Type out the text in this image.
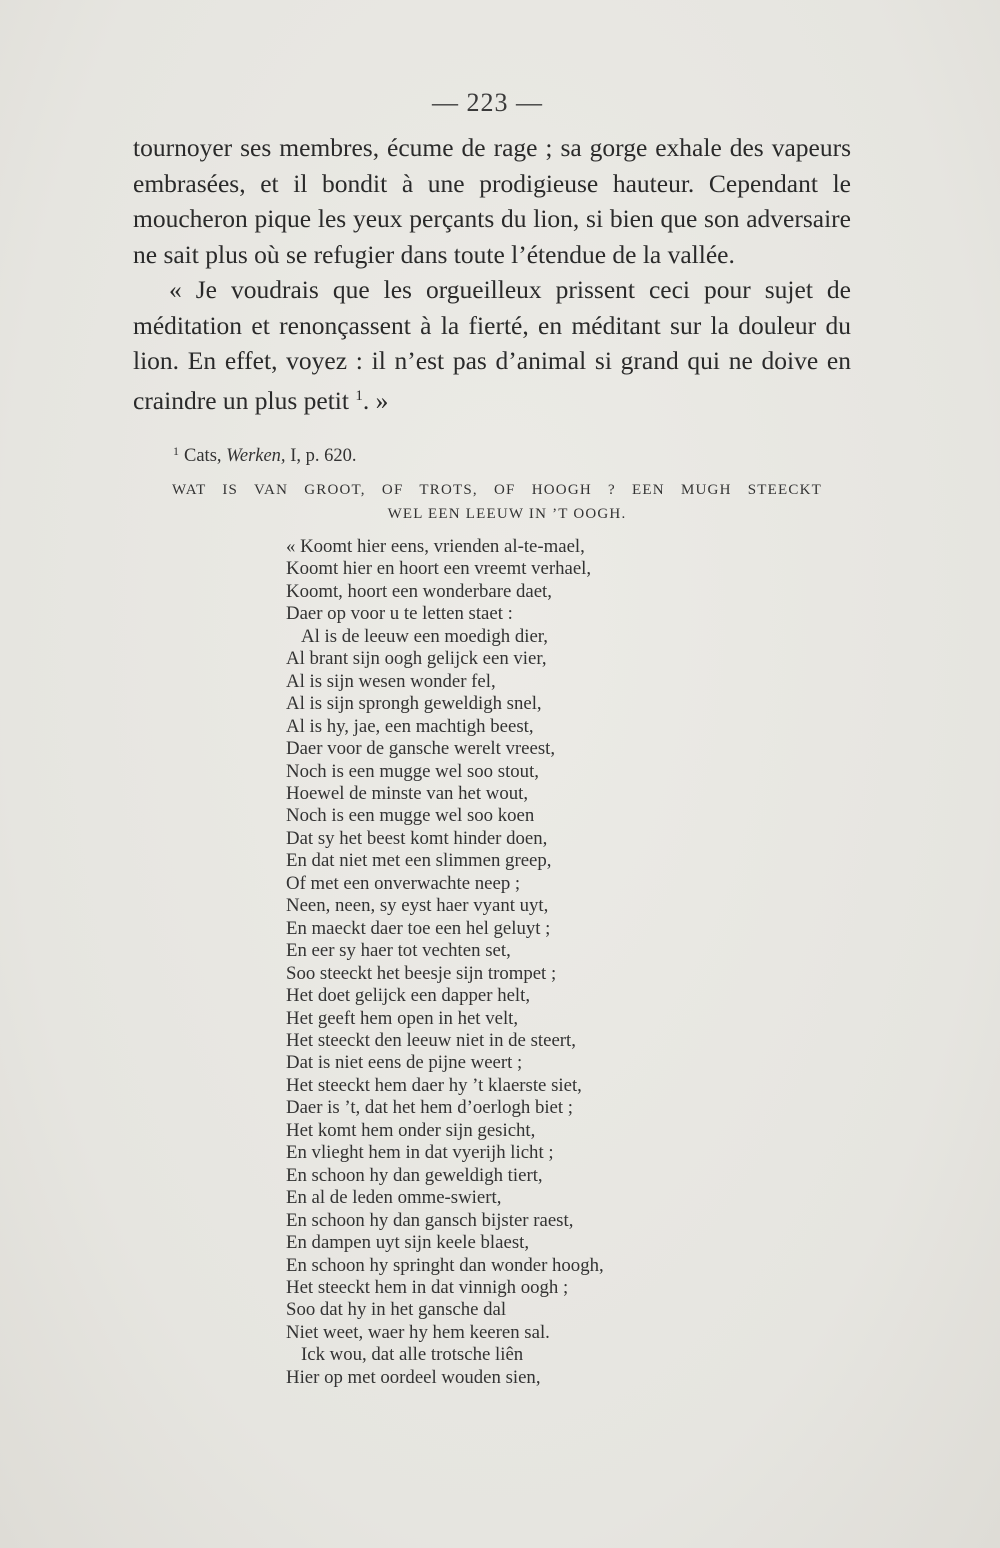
— 223 —

tournoyer ses membres, écume de rage ; sa gorge exhale des vapeurs embrasées, et il bondit à une prodigieuse hauteur. Cependant le moucheron pique les yeux perçants du lion, si bien que son adversaire ne sait plus où se refugier dans toute l’étendue de la vallée.

« Je voudrais que les orgueilleux prissent ceci pour sujet de méditation et renonçassent à la fierté, en méditant sur la douleur du lion. En effet, voyez : il n’est pas d’animal si grand qui ne doive en craindre un plus petit $^1$. »

$^1$ Cats, Werken, I, p. 620.
WAT IS VAN GROOT, OF TROTS, OF HOOGH ? EEN MUGH STEECKT
WEL EEN LEEUW IN ’T OOGH.
« Koomt hier eens, vrienden al-te-mael,
Koomt hier en hoort een vreemt verhael,
Koomt, hoort een wonderbare daet,
Daer op voor u te letten staet :
Al is de leeuw een moedigh dier,
Al brant sijn oogh gelijck een vier,
Al is sijn wesen wonder fel,
Al is sijn sprongh geweldigh snel,
Al is hy, jae, een machtigh beest,
Daer voor de gansche werelt vreest,
Noch is een mugge wel soo stout,
Hoewel de minste van het wout,
Noch is een mugge wel soo koen
Dat sy het beest komt hinder doen,
En dat niet met een slimmen greep,
Of met een onverwachte neep ;
Neen, neen, sy eyst haer vyant uyt,
En maeckt daer toe een hel geluyt ;
En eer sy haer tot vechten set,
Soo steeckt het beesje sijn trompet ;
Het doet gelijck een dapper helt,
Het geeft hem open in het velt,
Het steeckt den leeuw niet in de steert,
Dat is niet eens de pijne weert ;
Het steeckt hem daer hy ’t klaerste siet,
Daer is ’t, dat het hem d’oerlogh biet ;
Het komt hem onder sijn gesicht,
En vlieght hem in dat vyerijh licht ;
En schoon hy dan geweldigh tiert,
En al de leden omme-swiert,
En schoon hy dan gansch bijster raest,
En dampen uyt sijn keele blaest,
En schoon hy springht dan wonder hoogh,
Het steeckt hem in dat vinnigh oogh ;
Soo dat hy in het gansche dal
Niet weet, waer hy hem keeren sal.
Ick wou, dat alle trotsche liên
Hier op met oordeel wouden sien,
